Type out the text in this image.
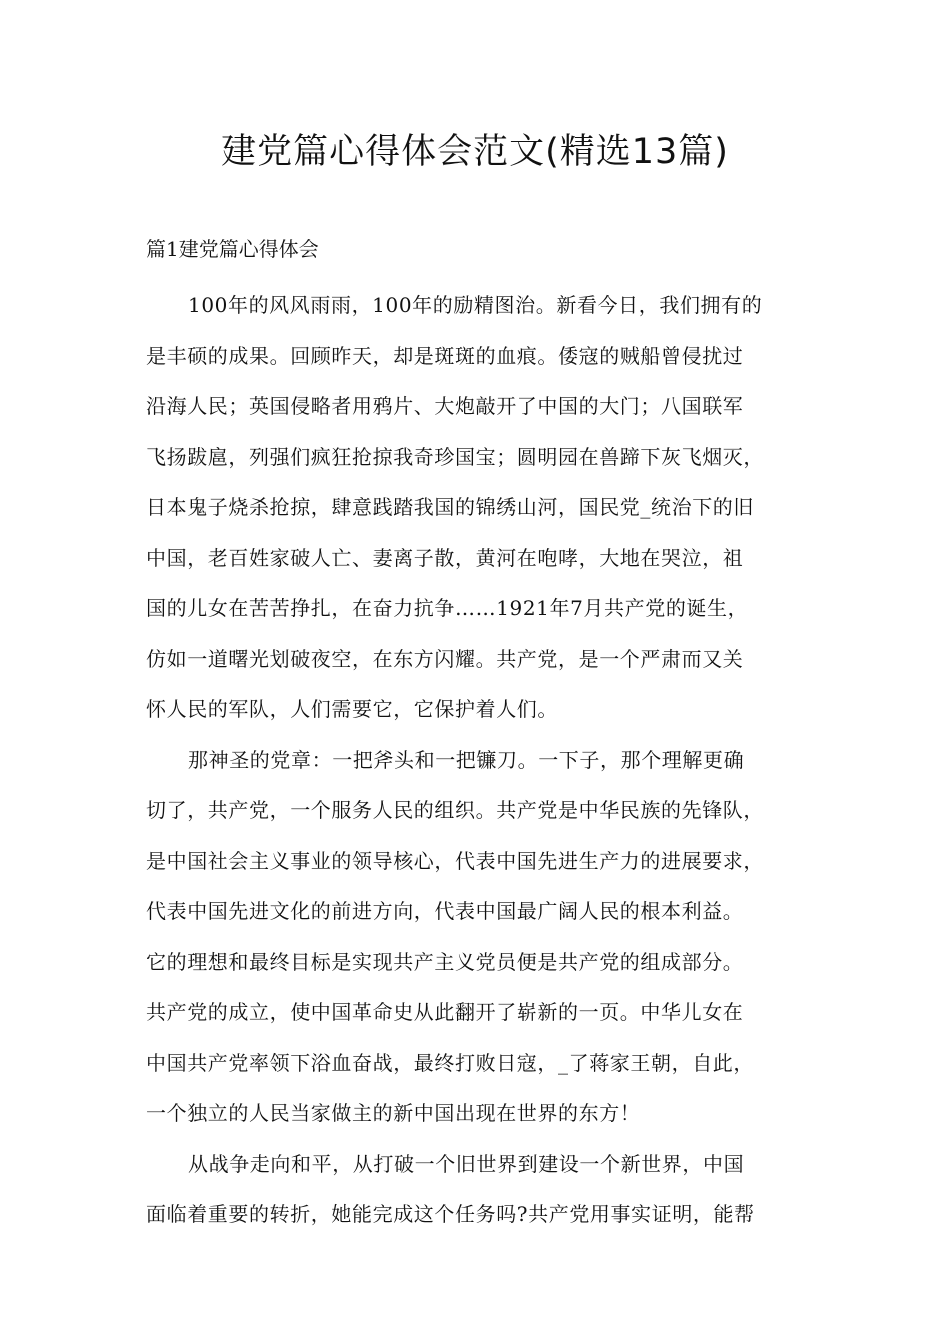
建党篇心得体会范文(精选13篇)
篇1建党篇心得体会
100年的风风雨雨，100年的励精图治。新看今日，我们拥有的
是丰硕的成果。回顾昨天，却是斑斑的血痕。倭寇的贼船曾侵扰过
沿海人民；英国侵略者用鸦片、大炮敲开了中国的大门；八国联军
飞扬跋扈，列强们疯狂抢掠我奇珍国宝；圆明园在兽蹄下灰飞烟灭，
日本鬼子烧杀抢掠，肆意践踏我国的锦绣山河，国民党_统治下的旧
中国，老百姓家破人亡、妻离子散，黄河在咆哮，大地在哭泣，祖
国的儿女在苦苦挣扎，在奋力抗争……1921年7月共产党的诞生，
仿如一道曙光划破夜空，在东方闪耀。共产党，是一个严肃而又关
怀人民的军队，人们需要它，它保护着人们。
那神圣的党章：一把斧头和一把镰刀。一下子，那个理解更确
切了，共产党，一个服务人民的组织。共产党是中华民族的先锋队，
是中国社会主义事业的领导核心，代表中国先进生产力的进展要求，
代表中国先进文化的前进方向，代表中国最广阔人民的根本利益。
它的理想和最终目标是实现共产主义党员便是共产党的组成部分。
共产党的成立，使中国革命史从此翻开了崭新的一页。中华儿女在
中国共产党率领下浴血奋战，最终打败日寇，_了蒋家王朝，自此，
一个独立的人民当家做主的新中国出现在世界的东方！
从战争走向和平，从打破一个旧世界到建设一个新世界，中国
面临着重要的转折，她能完成这个任务吗?共产党用事实证明，能帮
